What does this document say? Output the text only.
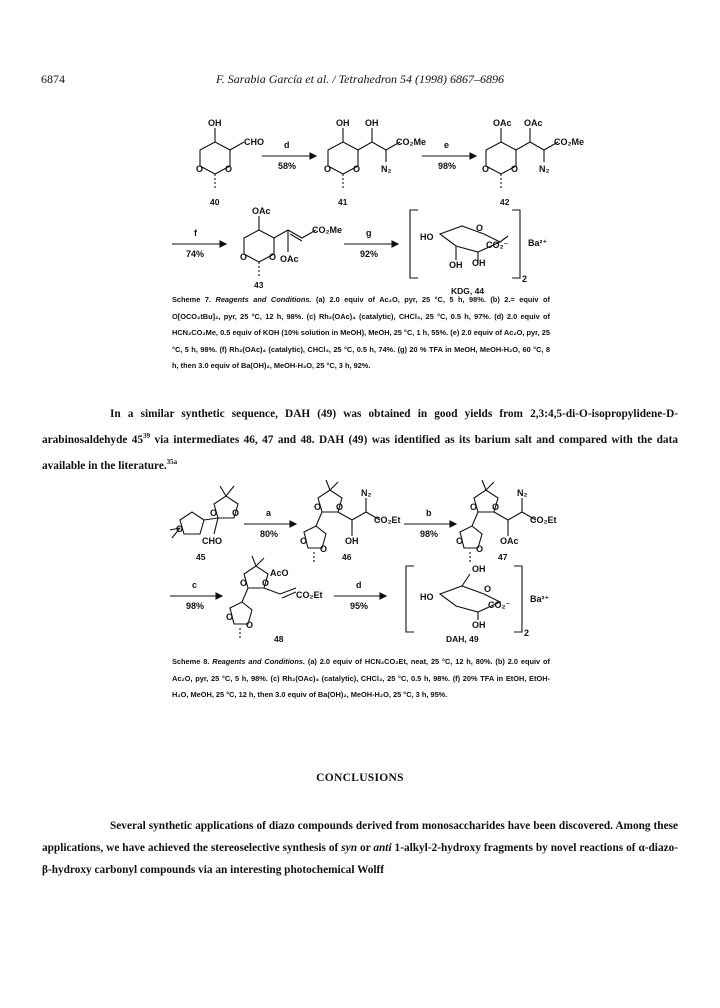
6874	F. Sarabia García et al. / Tetrahedron 54 (1998) 6867–6896
OH
CHO
O O
40
d
58%
OH OH
CO₂Me
N₂
O O
41
e
98%
OAc OAc
CO₂Me
N₂
O O
42
f
74%
OAc
CO₂Me
OAc
O O
43
g
92%
2
HO
O
CO₂⁻
OH OH
Ba²⁺
KDG, 44
Scheme 7. Reagents and Conditions. (a) 2.0 equiv of Ac₂O, pyr, 25 °C, 5 h, 98%. (b) 2.= equiv of O[OCO₂tBu]₂, pyr, 25 °C, 12 h, 98%. (c) Rh₂(OAc)₄ (catalytic), CHCl₃, 25 °C, 0.5 h, 97%. (d) 2.0 equiv of HCN₂CO₂Me, 0.5 equiv of KOH (10% solution in MeOH), MeOH, 25 °C, 1 h, 55%. (e) 2.0 equiv of Ac₂O, pyr, 25 °C, 5 h, 98%. (f) Rh₂(OAc)₄ (catalytic), CHCl₃, 25 °C, 0.5 h, 74%. (g) 20 % TFA in MeOH, MeOH-H₂O, 60 °C, 8 h, then 3.0 equiv of Ba(OH)₂, MeOH-H₂O, 25 °C, 3 h, 92%.
In a similar synthetic sequence, DAH (49) was obtained in good yields from 2,3:4,5-di-O-isopropylidene-D-arabinosaldehyde $45^{39}$ via intermediates 46, 47 and 48. DAH (49) was identified as its barium salt and compared with the data available in the literature.$^{35a}$
O O
O
CHO
45
a
80%
O O
OH
N₂
CO₂Et
O
O
46
b
98%
O O
OAc
N₂
CO₂Et
O
O
47
c
98%
O O
AcO
CO₂Et
O
O
48
d
95%
2
OH
HO
O
CO₂⁻
OH
Ba²⁺
DAH, 49
Scheme 8. Reagents and Conditions. (a) 2.0 equiv of HCN₂CO₂Et, neat, 25 °C, 12 h, 80%. (b) 2.0 equiv of Ac₂O, pyr, 25 °C, 5 h, 98%. (c) Rh₂(OAc)₄ (catalytic), CHCl₃, 25 °C, 0.5 h, 98%. (f) 20% TFA in EtOH, EtOH-H₂O, MeOH, 25 °C, 12 h, then 3.0 equiv of Ba(OH)₂, MeOH-H₂O, 25 °C, 3 h, 95%.
CONCLUSIONS
Several synthetic applications of diazo compounds derived from monosaccharides have been discovered. Among these applications, we have achieved the stereoselective synthesis of syn or anti 1-alkyl-2-hydroxy fragments by novel reactions of α-diazo-β-hydroxy carbonyl compounds via an interesting photochemical Wolff
